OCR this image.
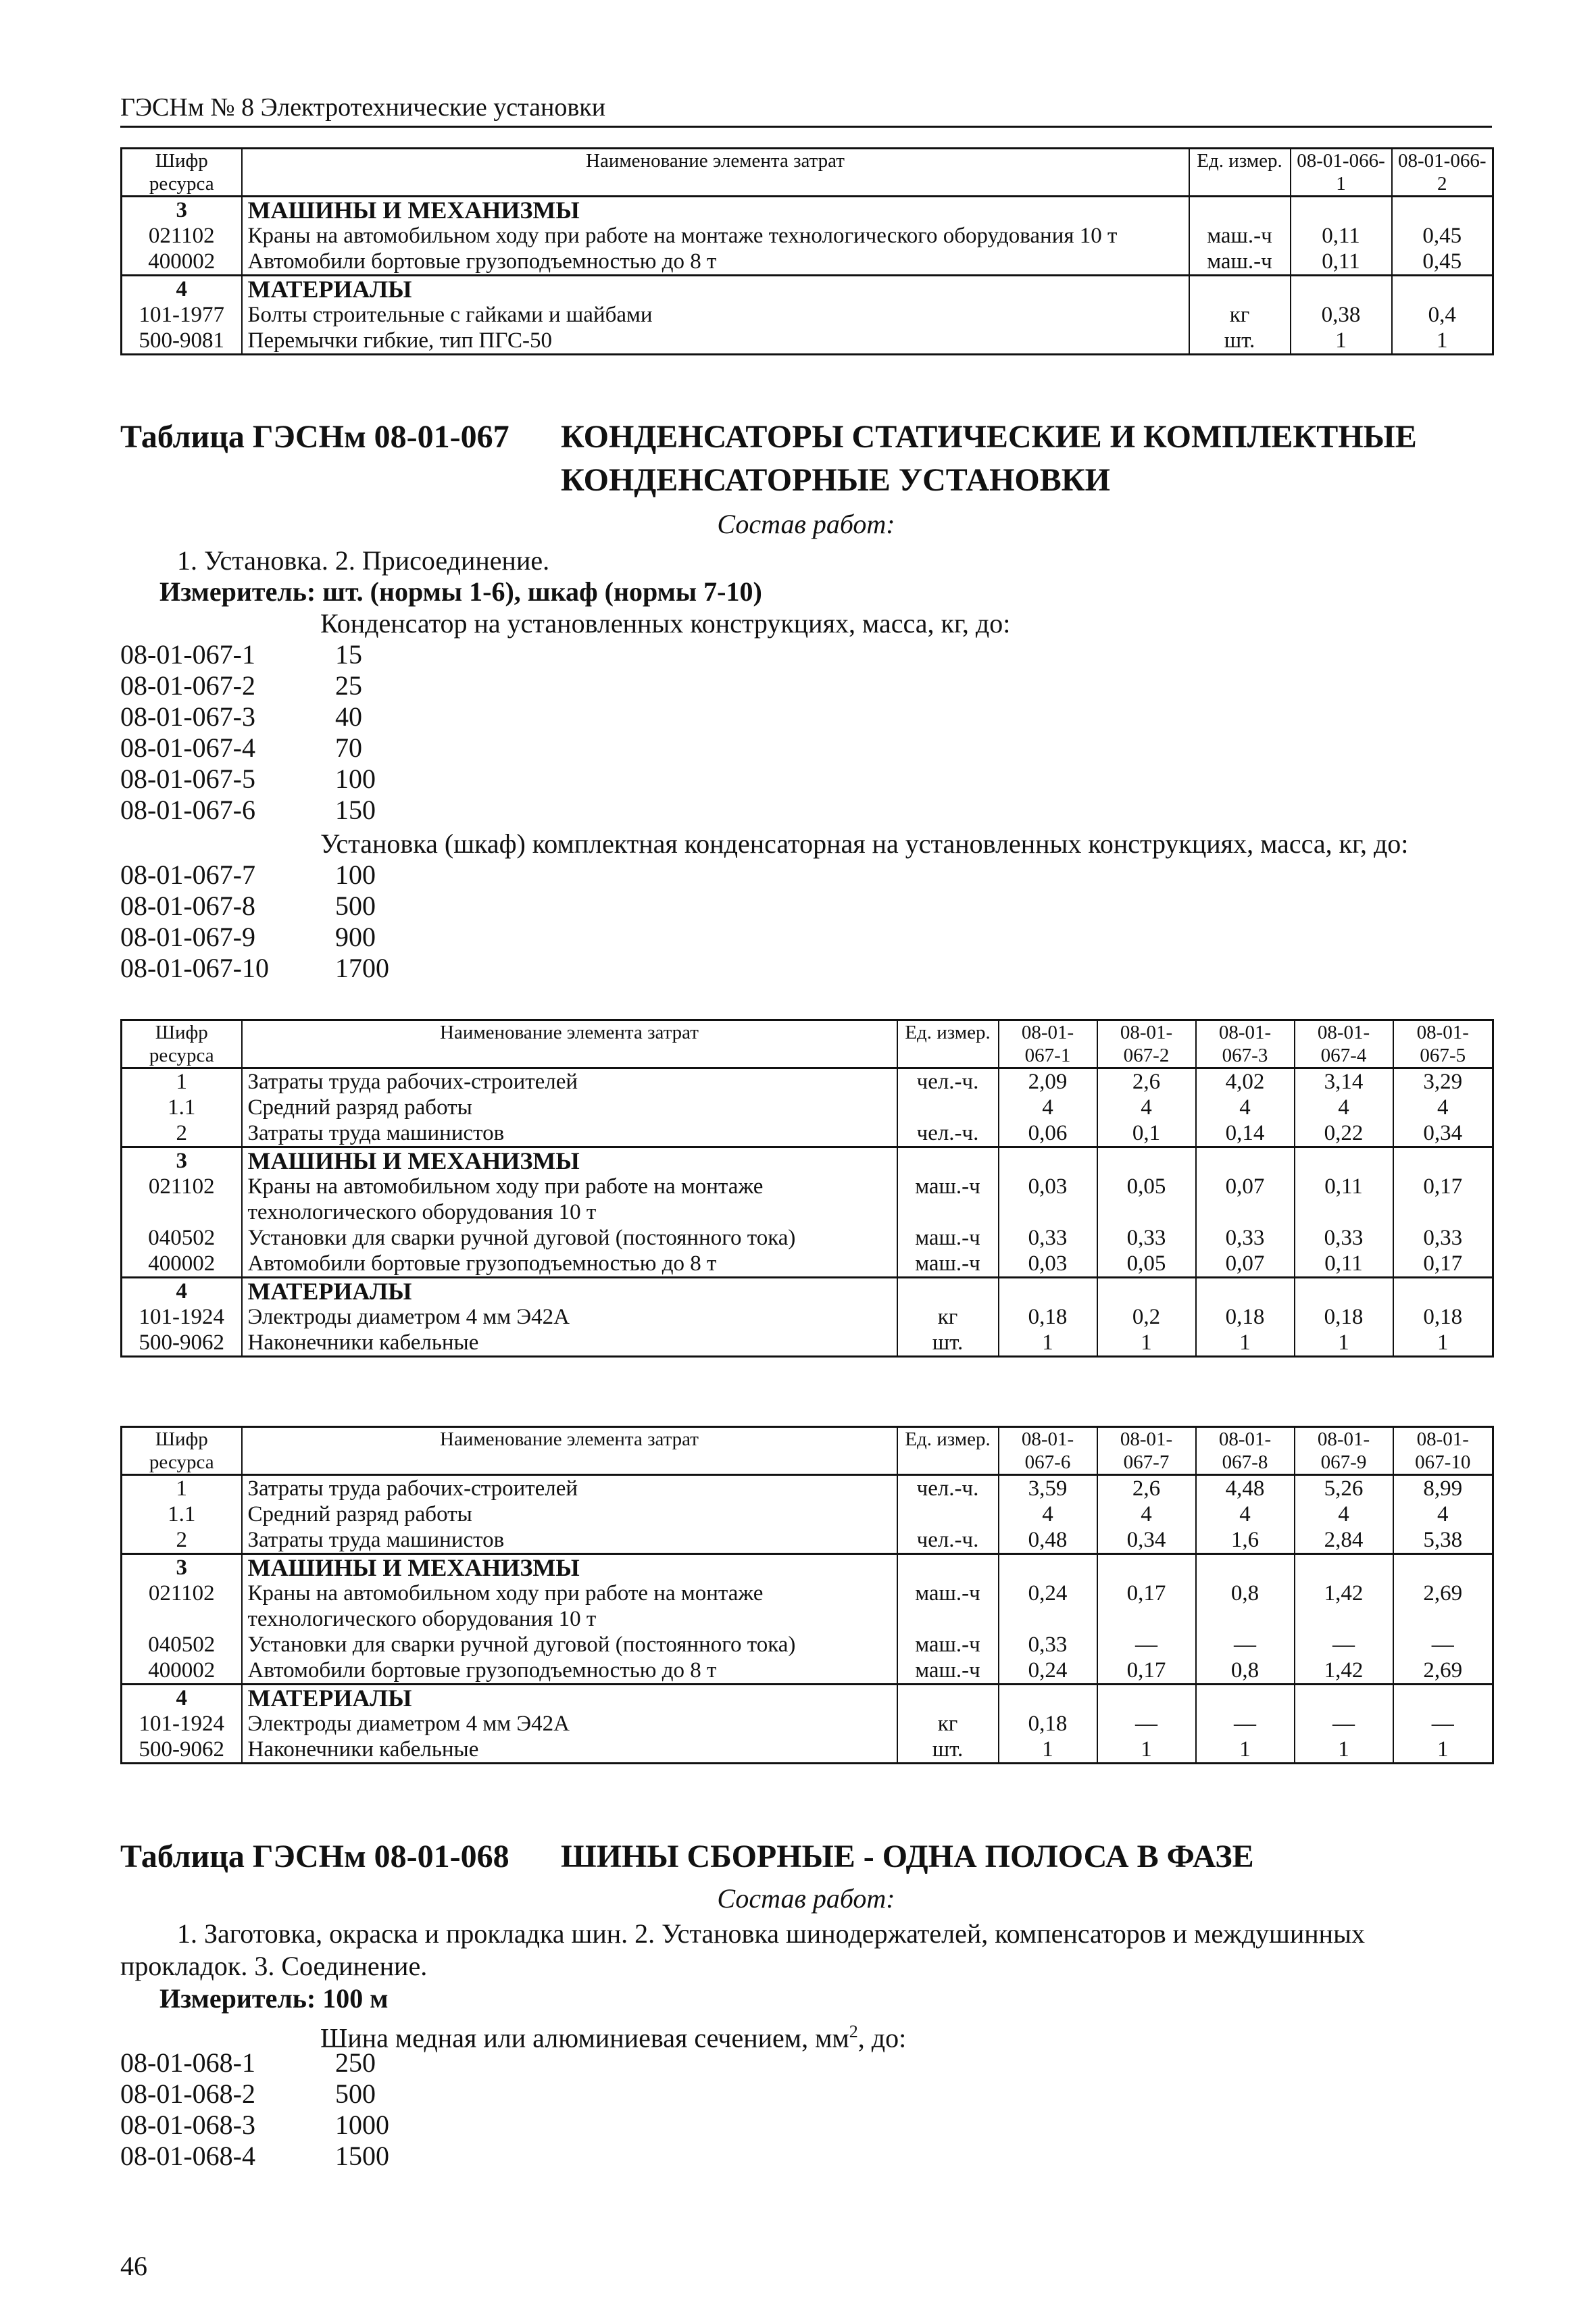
ГЭСНм № 8 Электротехнические установки
Шифр ресурса	Наименование элемента затрат	Ед. измер.	08-01-066-1	08-01-066-2
3	МАШИНЫ И МЕХАНИЗМЫ			
021102	Краны на автомобильном ходу при работе на монтаже технологического оборудования 10 т	маш.-ч	0,11	0,45
400002	Автомобили бортовые грузоподъемностью до 8 т	маш.-ч	0,11	0,45
4	МАТЕРИАЛЫ			
101-1977	Болты строительные с гайками и шайбами	кг	0,38	0,4
500-9081	Перемычки гибкие, тип ПГС-50	шт.	1	1
Таблица ГЭСНм 08-01-067 КОНДЕНСАТОРЫ СТАТИЧЕСКИЕ И КОМПЛЕКТНЫЕ КОНДЕНСАТОРНЫЕ УСТАНОВКИ
Состав работ:
1. Установка. 2. Присоединение.
Измеритель: шт. (нормы 1-6), шкаф (нормы 7-10)
Конденсатор на установленных конструкциях, масса, кг, до:
08-01-067-1	15
08-01-067-2	25
08-01-067-3	40
08-01-067-4	70
08-01-067-5	100
08-01-067-6	150
Установка (шкаф) комплектная конденсаторная на установленных конструкциях, масса, кг, до:
08-01-067-7	100
08-01-067-8	500
08-01-067-9	900
08-01-067-10	1700
Шифр ресурса	Наименование элемента затрат	Ед. измер.	08-01-067-1	08-01-067-2	08-01-067-3	08-01-067-4	08-01-067-5
1	Затраты труда рабочих-строителей	чел.-ч.	2,09	2,6	4,02	3,14	3,29
1.1	Средний разряд работы		4	4	4	4	4
2	Затраты труда машинистов	чел.-ч.	0,06	0,1	0,14	0,22	0,34
3	МАШИНЫ И МЕХАНИЗМЫ						
021102	Краны на автомобильном ходу при работе на монтаже технологического оборудования 10 т	маш.-ч	0,03	0,05	0,07	0,11	0,17
040502	Установки для сварки ручной дуговой (постоянного тока)	маш.-ч	0,33	0,33	0,33	0,33	0,33
400002	Автомобили бортовые грузоподъемностью до 8 т	маш.-ч	0,03	0,05	0,07	0,11	0,17
4	МАТЕРИАЛЫ						
101-1924	Электроды диаметром 4 мм Э42А	кг	0,18	0,2	0,18	0,18	0,18
500-9062	Наконечники кабельные	шт.	1	1	1	1	1
Шифр ресурса	Наименование элемента затрат	Ед. измер.	08-01-067-6	08-01-067-7	08-01-067-8	08-01-067-9	08-01-067-10
1	Затраты труда рабочих-строителей	чел.-ч.	3,59	2,6	4,48	5,26	8,99
1.1	Средний разряд работы		4	4	4	4	4
2	Затраты труда машинистов	чел.-ч.	0,48	0,34	1,6	2,84	5,38
3	МАШИНЫ И МЕХАНИЗМЫ						
021102	Краны на автомобильном ходу при работе на монтаже технологического оборудования 10 т	маш.-ч	0,24	0,17	0,8	1,42	2,69
040502	Установки для сварки ручной дуговой (постоянного тока)	маш.-ч	0,33	—	—	—	—
400002	Автомобили бортовые грузоподъемностью до 8 т	маш.-ч	0,24	0,17	0,8	1,42	2,69
4	МАТЕРИАЛЫ						
101-1924	Электроды диаметром 4 мм Э42А	кг	0,18	—	—	—	—
500-9062	Наконечники кабельные	шт.	1	1	1	1	1
Таблица ГЭСНм 08-01-068 ШИНЫ СБОРНЫЕ - ОДНА ПОЛОСА В ФАЗЕ
Состав работ:
1. Заготовка, окраска и прокладка шин. 2. Установка шинодержателей, компенсаторов и междушинных прокладок. 3. Соединение.
Измеритель: 100 м
Шина медная или алюминиевая сечением, $мм^2$, до:
08-01-068-1	250
08-01-068-2	500
08-01-068-3	1000
08-01-068-4	1500
46
